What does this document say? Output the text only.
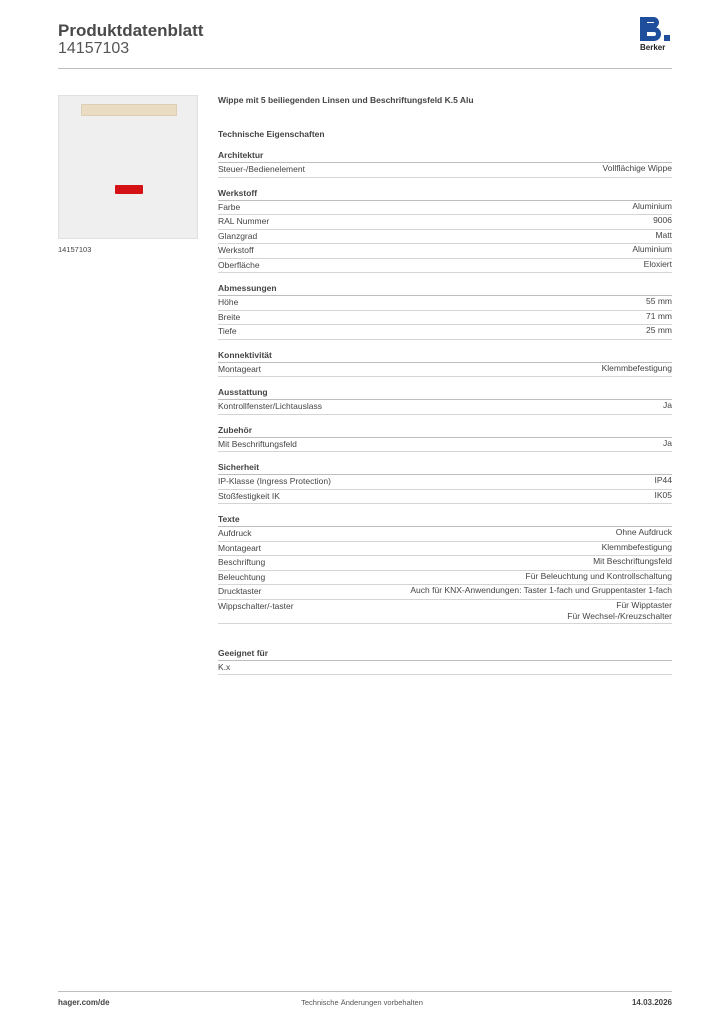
Produktdatenblatt
14157103	Berker
14157103
Wippe mit 5 beiliegenden Linsen und Beschriftungsfeld K.5 Alu
Technische Eigenschaften
Architektur
Steuer-/Bedienelement	Vollflächige Wippe
Werkstoff
Farbe	Aluminium
RAL Nummer	9006
Glanzgrad	Matt
Werkstoff	Aluminium
Oberfläche	Eloxiert
Abmessungen
Höhe	55 mm
Breite	71 mm
Tiefe	25 mm
Konnektivität
Montageart	Klemmbefestigung
Ausstattung
Kontrollfenster/Lichtauslass	Ja
Zubehör
Mit Beschriftungsfeld	Ja
Sicherheit
IP-Klasse (Ingress Protection)	IP44
Stoßfestigkeit IK	IK05
Texte
Aufdruck	Ohne Aufdruck
Montageart	Klemmbefestigung
Beschriftung	Mit Beschriftungsfeld
Beleuchtung	Für Beleuchtung und Kontrollschaltung
Drucktaster	Auch für KNX-Anwendungen: Taster 1-fach und Gruppentaster 1-fach
Wippschalter/-taster	Für Wipptaster
Für Wechsel-/Kreuzschalter
Geeignet für
K.x
hager.com/de	Technische Änderungen vorbehalten	14.03.2026
